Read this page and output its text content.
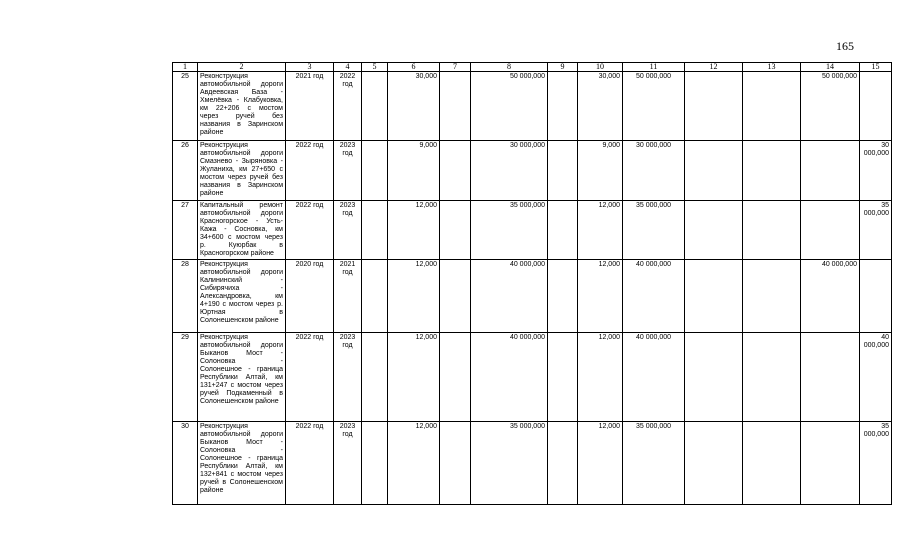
165
1	2	3	4	5	6	7	8	9	10	11	12	13	14	15
25	Реконструкция автомобильной дороги Авдеевская База - Хмелёвка - Клабуковка, км 22+206 с мостом через ручей без названия в Заринском районе	2021 год	2022 год		30,000		50 000,000		30,000	50 000,000			50 000,000	
26	Реконструкция автомобильной дороги Смазнево - Зыряновка - Жуланиха, км 27+650 с мостом через ручей без названия в Заринском районе	2022 год	2023 год		9,000		30 000,000		9,000	30 000,000				30 000,000
27	Капитальный ремонт автомобильной дороги Красногорское - Усть-Кажа - Сосновка, км 34+600 с мостом через р. Куюрбак в Красногорском районе	2022 год	2023 год		12,000		35 000,000		12,000	35 000,000				35 000,000
28	Реконструкция автомобильной дороги Калининский - Сибирячиха - Александровка, км 4+190 с мостом через р. Юртная в Солонешенском районе	2020 год	2021 год		12,000		40 000,000		12,000	40 000,000			40 000,000	
29	Реконструкция автомобильной дороги Быканов Мост - Солоновка - Солонешное - граница Республики Алтай, км 131+247 с мостом через ручей Подкаменный в Солонешенском районе	2022 год	2023 год		12,000		40 000,000		12,000	40 000,000				40 000,000
30	Реконструкция автомобильной дороги Быканов Мост - Солоновка - Солонешное - граница Республики Алтай, км 132+841 с мостом через ручей в Солонешенском районе	2022 год	2023 год		12,000		35 000,000		12,000	35 000,000				35 000,000
